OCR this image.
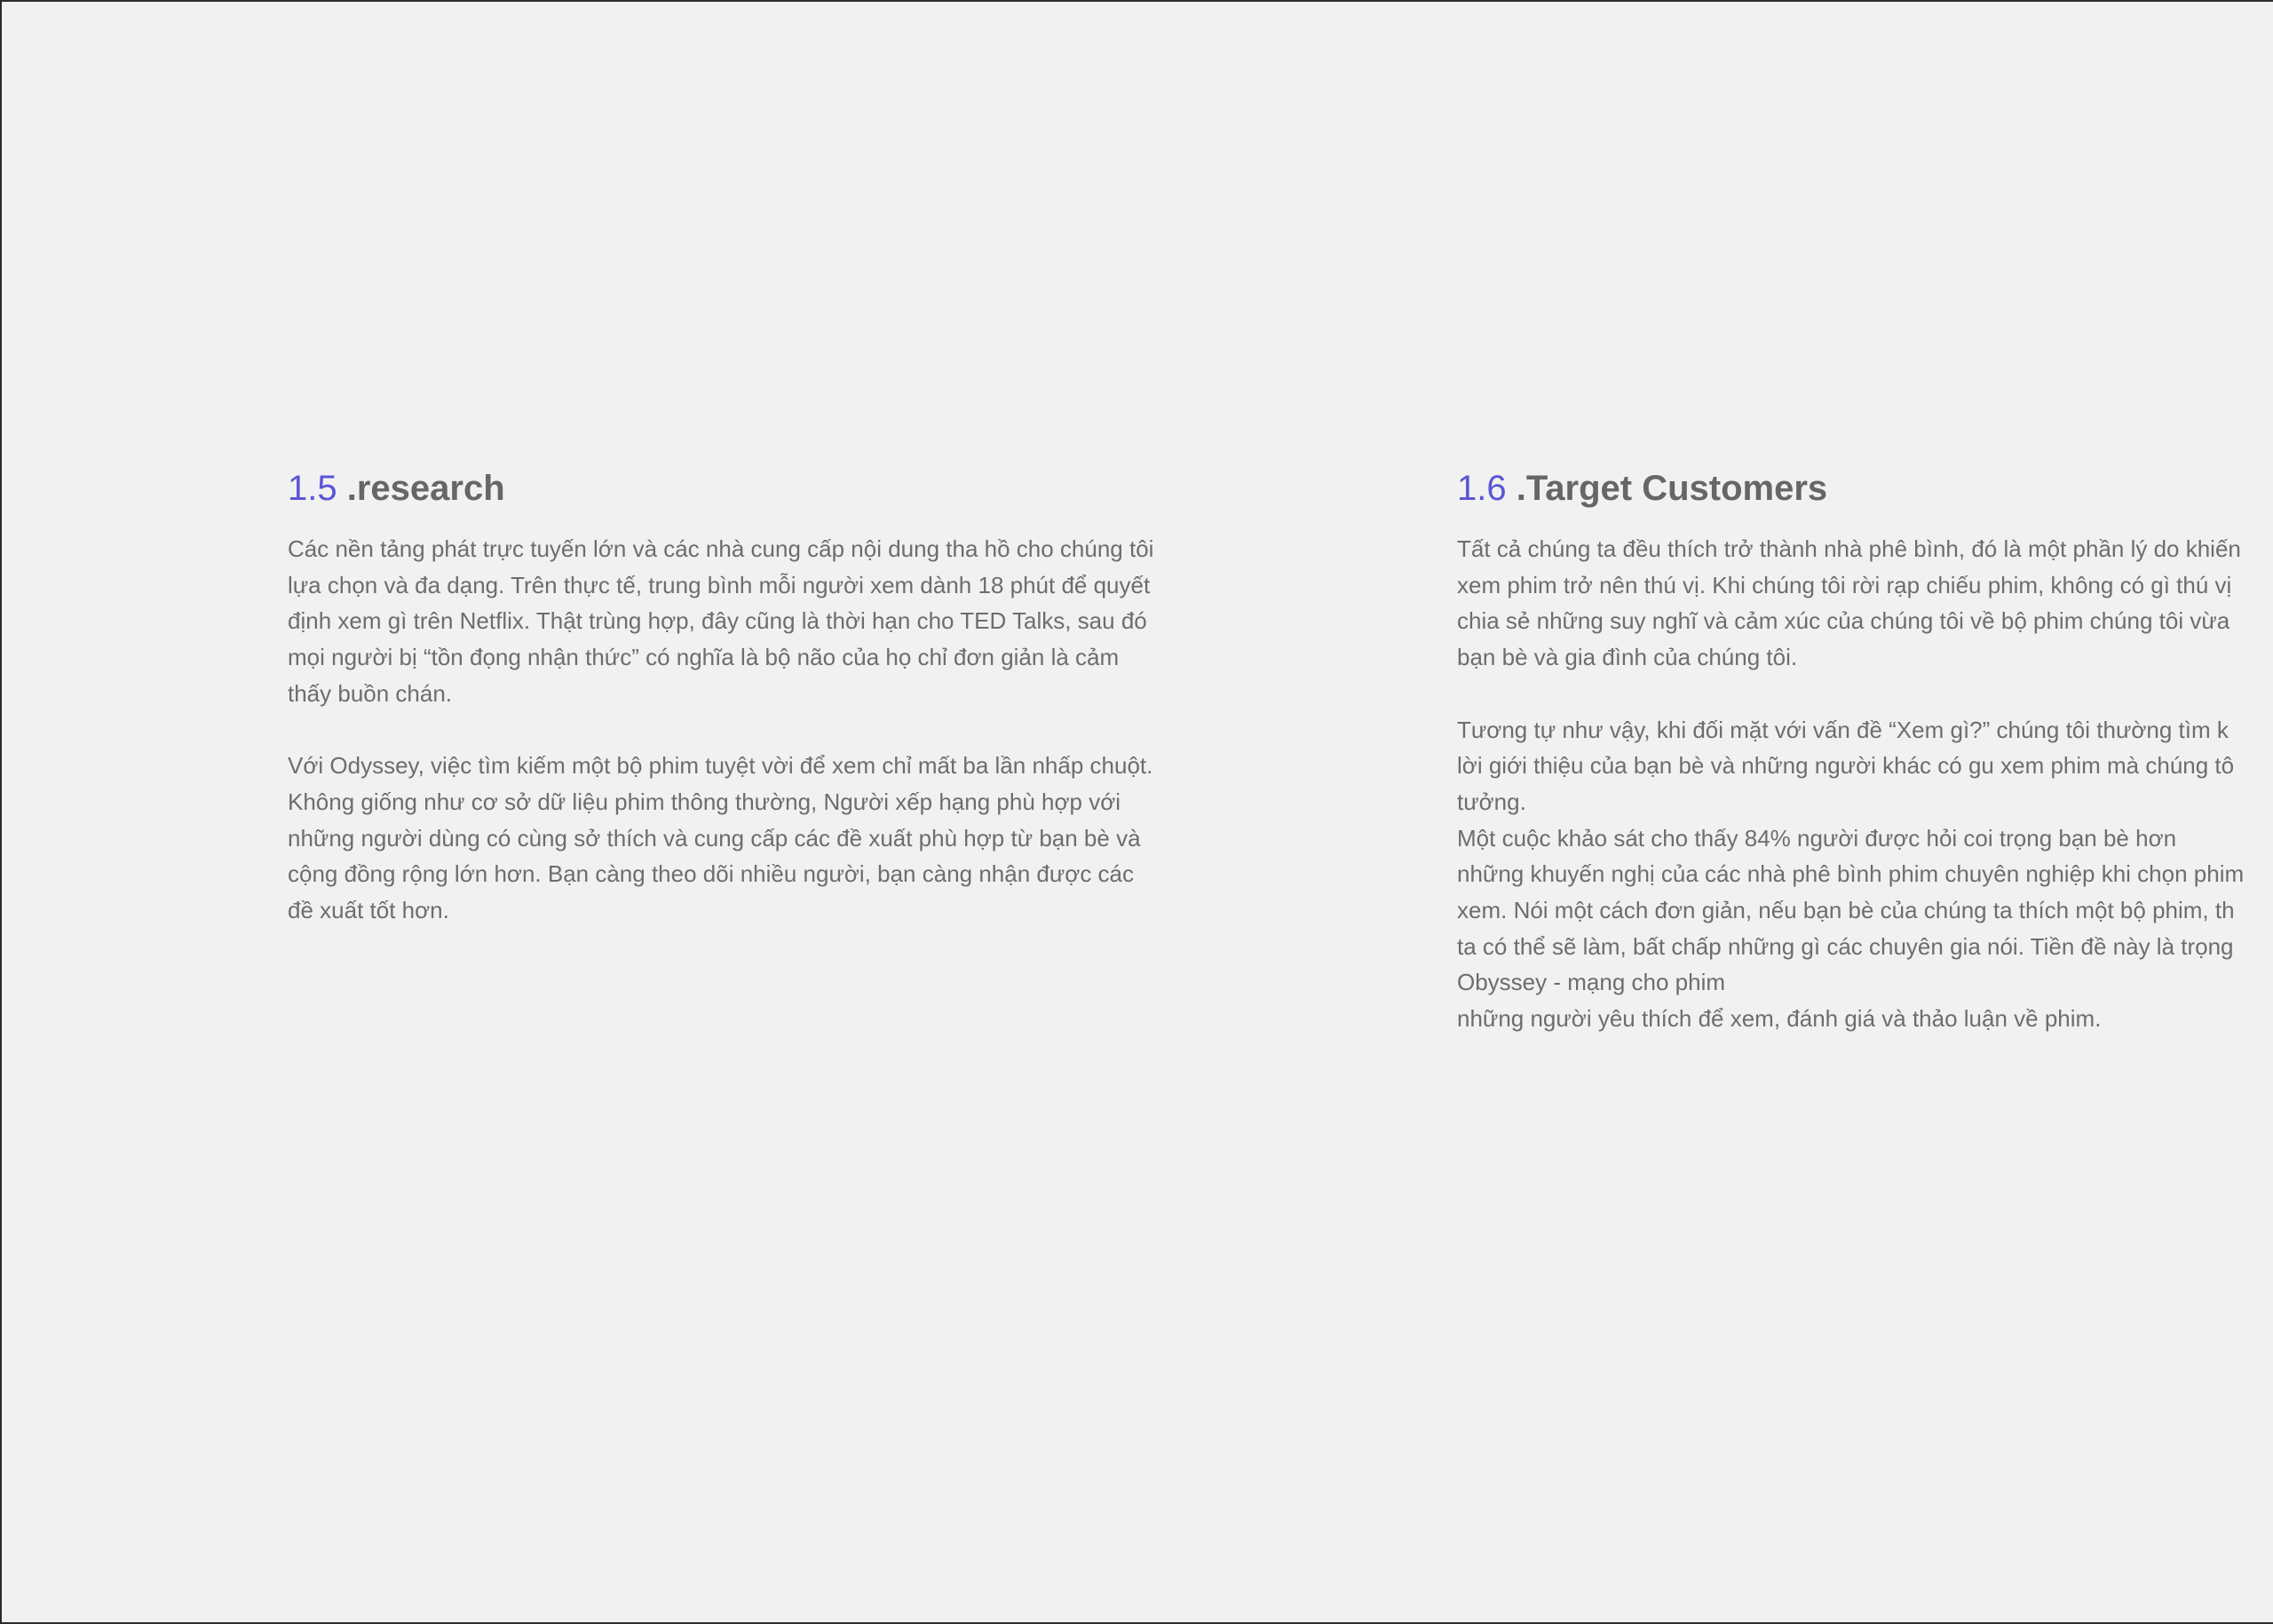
1.5 .research
Các nền tảng phát trực tuyến lớn và các nhà cung cấp nội dung tha hồ cho chúng tôi
lựa chọn và đa dạng. Trên thực tế, trung bình mỗi người xem dành 18 phút để quyết
định xem gì trên Netflix. Thật trùng hợp, đây cũng là thời hạn cho TED Talks, sau đó
mọi người bị “tồn đọng nhận thức” có nghĩa là bộ não của họ chỉ đơn giản là cảm
thấy buồn chán.
Với Odyssey, việc tìm kiếm một bộ phim tuyệt vời để xem chỉ mất ba lần nhấp chuột.
Không giống như cơ sở dữ liệu phim thông thường, Người xếp hạng phù hợp với
những người dùng có cùng sở thích và cung cấp các đề xuất phù hợp từ bạn bè và
cộng đồng rộng lớn hơn. Bạn càng theo dõi nhiều người, bạn càng nhận được các
đề xuất tốt hơn.
1.6 .Target Customers
Tất cả chúng ta đều thích trở thành nhà phê bình, đó là một phần lý do khiến
xem phim trở nên thú vị. Khi chúng tôi rời rạp chiếu phim, không có gì thú vị
chia sẻ những suy nghĩ và cảm xúc của chúng tôi về bộ phim chúng tôi vừa
bạn bè và gia đình của chúng tôi.
Tương tự như vậy, khi đối mặt với vấn đề “Xem gì?” chúng tôi thường tìm k
lời giới thiệu của bạn bè và những người khác có gu xem phim mà chúng tô
tưởng.
Một cuộc khảo sát cho thấy 84% người được hỏi coi trọng bạn bè hơn
những khuyến nghị của các nhà phê bình phim chuyên nghiệp khi chọn phim
xem. Nói một cách đơn giản, nếu bạn bè của chúng ta thích một bộ phim, th
ta có thể sẽ làm, bất chấp những gì các chuyên gia nói. Tiền đề này là trọng
Obyssey - mạng cho phim
những người yêu thích để xem, đánh giá và thảo luận về phim.
